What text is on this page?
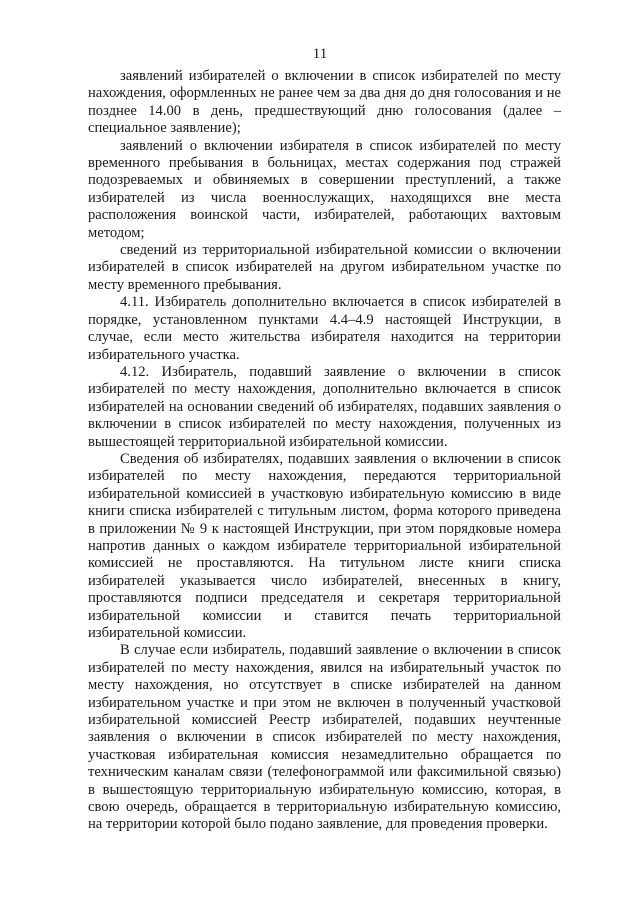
11

заявлений избирателей о включении в список избирателей по месту нахождения, оформленных не ранее чем за два дня до дня голосования и не позднее 14.00 в день, предшествующий дню голосования (далее – специальное заявление);

заявлений о включении избирателя в список избирателей по месту временного пребывания в больницах, местах содержания под стражей подозреваемых и обвиняемых в совершении преступлений, а также избирателей из числа военнослужащих, находящихся вне места расположения воинской части, избирателей, работающих вахтовым методом;

сведений из территориальной избирательной комиссии о включении избирателей в список избирателей на другом избирательном участке по месту временного пребывания.

4.11. Избиратель дополнительно включается в список избирателей в порядке, установленном пунктами 4.4–4.9 настоящей Инструкции, в случае, если место жительства избирателя находится на территории избирательного участка.

4.12. Избиратель, подавший заявление о включении в список избирателей по месту нахождения, дополнительно включается в список избирателей на основании сведений об избирателях, подавших заявления о включении в список избирателей по месту нахождения, полученных из вышестоящей территориальной избирательной комиссии.

Сведения об избирателях, подавших заявления о включении в список избирателей по месту нахождения, передаются территориальной избирательной комиссией в участковую избирательную комиссию в виде книги списка избирателей с титульным листом, форма которого приведена в приложении № 9 к настоящей Инструкции, при этом порядковые номера напротив данных о каждом избирателе территориальной избирательной комиссией не проставляются. На титульном листе книги списка избирателей указывается число избирателей, внесенных в книгу, проставляются подписи председателя и секретаря территориальной избирательной комиссии и ставится печать территориальной избирательной комиссии.

В случае если избиратель, подавший заявление о включении в список избирателей по месту нахождения, явился на избирательный участок по месту нахождения, но отсутствует в списке избирателей на данном избирательном участке и при этом не включен в полученный участковой избирательной комиссией Реестр избирателей, подавших неучтенные заявления о включении в список избирателей по месту нахождения, участковая избирательная комиссия незамедлительно обращается по техническим каналам связи (телефонограммой или факсимильной связью) в вышестоящую территориальную избирательную комиссию, которая, в свою очередь, обращается в территориальную избирательную комиссию, на территории которой было подано заявление, для проведения проверки.
